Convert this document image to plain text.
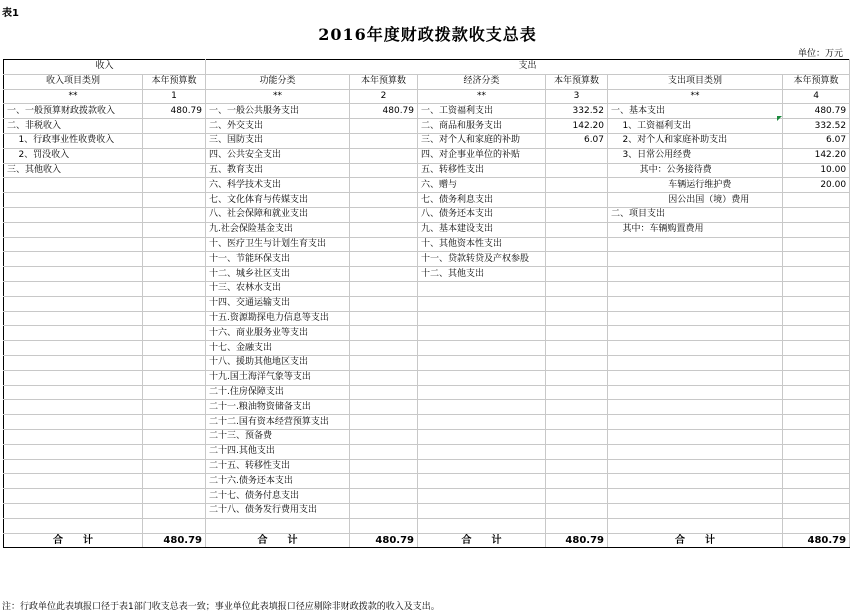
表1
2016年度财政拨款收支总表
单位：万元
收入		支出					
收入项目类别	本年预算数	功能分类	本年预算数	经济分类	本年预算数	支出项目类别	本年预算数
**	1	**	2	**	3	**	4
一、一般预算财政拨款收入	480.79	一、一般公共服务支出	480.79	一、工资福利支出	332.52	一、基本支出	480.79
二、非税收入		二、外交支出		二、商品和服务支出	142.20	1、工资福利支出	332.52
1、行政事业性收费收入		三、国防支出		三、对个人和家庭的补助	6.07	2、对个人和家庭补助支出	6.07
2、罚没收入		四、公共安全支出		四、对企事业单位的补贴		3、日常公用经费	142.20
三、其他收入		五、教育支出		五、转移性支出		其中：公务接待费	10.00
		六、科学技术支出		六、赠与		车辆运行维护费	20.00
		七、文化体育与传媒支出		七、债务利息支出		因公出国（境）费用	
		八、社会保障和就业支出		八、债务还本支出		二、项目支出	
		九.社会保险基金支出		九、基本建设支出		其中：车辆购置费用	
		十、医疗卫生与计划生育支出		十、其他资本性支出			
		十一、节能环保支出		十一、贷款转贷及产权参股			
		十二、城乡社区支出		十二、其他支出			
		十三、农林水支出					
		十四、交通运输支出					
		十五.资源勘探电力信息等支出					
		十六、商业服务业等支出					
		十七、金融支出					
		十八、援助其他地区支出					
		十九.国土海洋气象等支出					
		二十.住房保障支出					
		二十一.粮油物资储备支出					
		二十二.国有资本经营预算支出					
		二十三、预备费					
		二十四.其他支出					
		二十五、转移性支出					
		二十六.债务还本支出					
		二十七、债务付息支出					
		二十八、债务发行费用支出					

合　　计	480.79	合　　计	480.79	合　　计	480.79	合　　计	480.79
注：行政单位此表填报口径于表1部门收支总表一致；事业单位此表填报口径应剔除非财政拨款的收入及支出。
